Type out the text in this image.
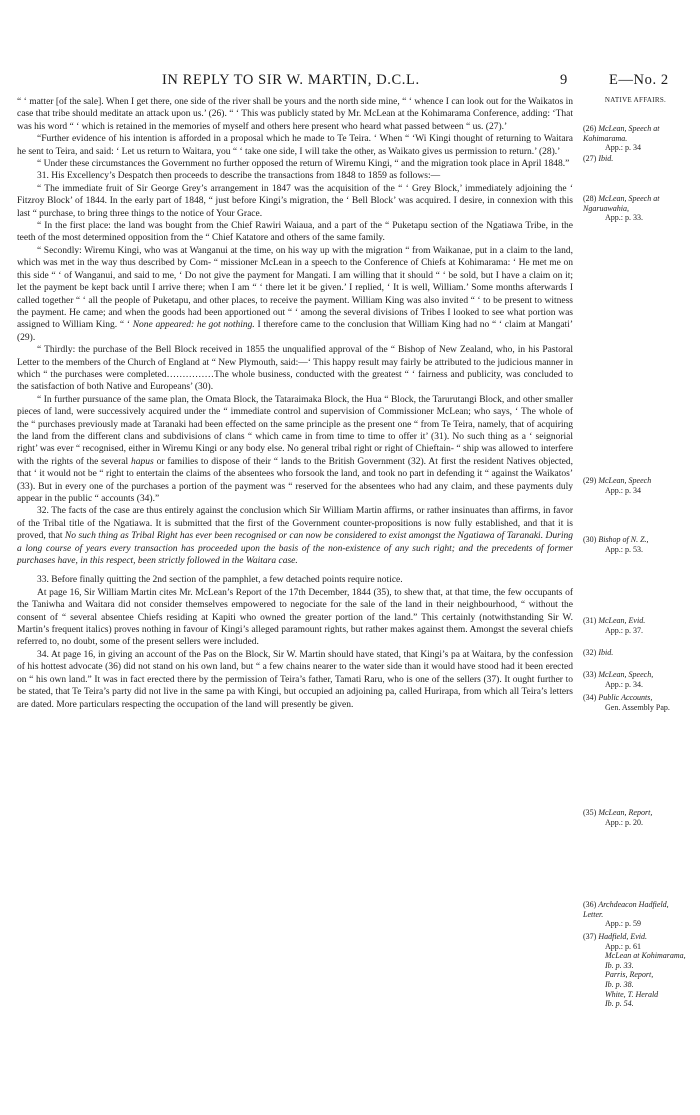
IN REPLY TO SIR W. MARTIN, D.C.L.	9	E—No. 2

“ ‘ matter [of the sale]. When I get there, one side of the river shall be yours and the north side mine, “ ‘ whence I can look out for the Waikatos in case that tribe should meditate an attack upon us.’ (26). “ ‘ This was publicly stated by Mr. McLean at the Kohimarama Conference, adding: ‘That was his word “ ‘ which is retained in the memories of myself and others here present who heard what passed between “ us. (27).’

“Further evidence of his intention is afforded in a proposal which he made to Te Teira. ‘ When “ ‘Wi Kingi thought of returning to Waitara he sent to Teira, and said: ‘ Let us return to Waitara, you “ ‘ take one side, I will take the other, as Waikato gives us permission to return.’ (28).’

“ Under these circumstances the Government no further opposed the return of Wiremu Kingi, “ and the migration took place in April 1848.”

31. His Excellency’s Despatch then proceeds to describe the transactions from 1848 to 1859 as follows:—

“ The immediate fruit of Sir George Grey’s arrangement in 1847 was the acquisition of the “ ‘ Grey Block,’ immediately adjoining the ‘ Fitzroy Block’ of 1844. In the early part of 1848, “ just before Kingi’s migration, the ‘ Bell Block’ was acquired. I desire, in connexion with this last “ purchase, to bring three things to the notice of Your Grace.

“ In the first place: the land was bought from the Chief Rawiri Waiaua, and a part of the “ Puketapu section of the Ngatiawa Tribe, in the teeth of the most determined opposition from the “ Chief Katatore and others of the same family.

“ Secondly: Wiremu Kingi, who was at Wanganui at the time, on his way up with the migration “ from Waikanae, put in a claim to the land, which was met in the way thus described by Com- “ missioner McLean in a speech to the Conference of Chiefs at Kohimarama: ‘ He met me on this side “ ‘ of Wanganui, and said to me, ‘ Do not give the payment for Mangati. I am willing that it should “ ‘ be sold, but I have a claim on it; let the payment be kept back until I arrive there; when I am “ ‘ there let it be given.’ I replied, ‘ It is well, William.’ Some months afterwards I called together “ ‘ all the people of Puketapu, and other places, to receive the payment. William King was also invited “ ‘ to be present to witness the payment. He came; and when the goods had been apportioned out “ ‘ among the several divisions of Tribes I looked to see what portion was assigned to William King. “ ‘ None appeared: he got nothing. I therefore came to the conclusion that William King had no “ ‘ claim at Mangati’ (29).

“ Thirdly: the purchase of the Bell Block received in 1855 the unqualified approval of the “ Bishop of New Zealand, who, in his Pastoral Letter to the members of the Church of England at “ New Plymouth, said:—‘ This happy result may fairly be attributed to the judicious manner in which “ the purchases were completed……………The whole business, conducted with the greatest “ ‘ fairness and publicity, was concluded to the satisfaction of both Native and Europeans’ (30).

“ In further pursuance of the same plan, the Omata Block, the Tataraimaka Block, the Hua “ Block, the Tarurutangi Block, and other smaller pieces of land, were successively acquired under the “ immediate control and supervision of Commissioner McLean; who says, ‘ The whole of the “ purchases previously made at Taranaki had been effected on the same principle as the present one “ from Te Teira, namely, that of acquiring the land from the different clans and subdivisions of clans “ which came in from time to time to offer it’ (31). No such thing as a ‘ seignorial right’ was ever “ recognised, either in Wiremu Kingi or any body else. No general tribal right or right of Chieftain- “ ship was allowed to interfere with the rights of the several hapus or families to dispose of their “ lands to the British Government (32). At first the resident Natives objected, that ‘ it would not be “ right to entertain the claims of the absentees who forsook the land, and took no part in defending it “ against the Waikatos’ (33). But in every one of the purchases a portion of the payment was “ reserved for the absentees who had any claim, and these payments duly appear in the public “ accounts (34).”

32. The facts of the case are thus entirely against the conclusion which Sir William Martin affirms, or rather insinuates than affirms, in favor of the Tribal title of the Ngatiawa. It is submitted that the first of the Government counter-propositions is now fully established, and that it is proved, that No such thing as Tribal Right has ever been recognised or can now be considered to exist amongst the Ngatiawa of Taranaki. During a long course of years every transaction has proceeded upon the basis of the non-existence of any such right; and the precedents of former purchases have, in this respect, been strictly followed in the Waitara case.

33. Before finally quitting the 2nd section of the pamphlet, a few detached points require notice.

At page 16, Sir William Martin cites Mr. McLean’s Report of the 17th December, 1844 (35), to shew that, at that time, the few occupants of the Taniwha and Waitara did not consider themselves empowered to negociate for the sale of the land in their neighbourhood, “ without the consent of “ several absentee Chiefs residing at Kapiti who owned the greater portion of the land.” This certainly (notwithstanding Sir W. Martin’s frequent italics) proves nothing in favour of Kingi’s alleged paramount rights, but rather makes against them. Amongst the several chiefs referred to, no doubt, some of the present sellers were included.

34. At page 16, in giving an account of the Pas on the Block, Sir W. Martin should have stated, that Kingi’s pa at Waitara, by the confession of his hottest advocate (36) did not stand on his own land, but “ a few chains nearer to the water side than it would have stood had it been erected on “ his own land.” It was in fact erected there by the permission of Teira’s father, Tamati Raru, who is one of the sellers (37). It ought further to be stated, that Te Teira’s party did not live in the same pa with Kingi, but occupied an adjoining pa, called Hurirapa, from which all Teira’s letters are dated. More particulars respecting the occupation of the land will presently be given.

NATIVE AFFAIRS.
(26) McLean, Speech at Kohimarama.
App.: p. 34
(27) Ibid.
(28) McLean, Speech at Ngaruawahia,
App.: p. 33.
(29) McLean, Speech
App.: p. 34
(30) Bishop of N. Z.,
App.: p. 53.
(31) McLean, Evid.
App.: p. 37.
(32) Ibid.
(33) McLean, Speech,
App.: p. 34.
(34) Public Accounts,
Gen. Assembly Pap.
(35) McLean, Report,
App.: p. 20.
(36) Archdeacon Hadfield, Letter.
App.: p. 59
(37) Hadfield, Evid.
App.: p. 61
McLean at Kohimarama,
Ib. p. 33.
Parris, Report,
Ib. p. 38.
White, T. Herald
Ib. p. 54.
